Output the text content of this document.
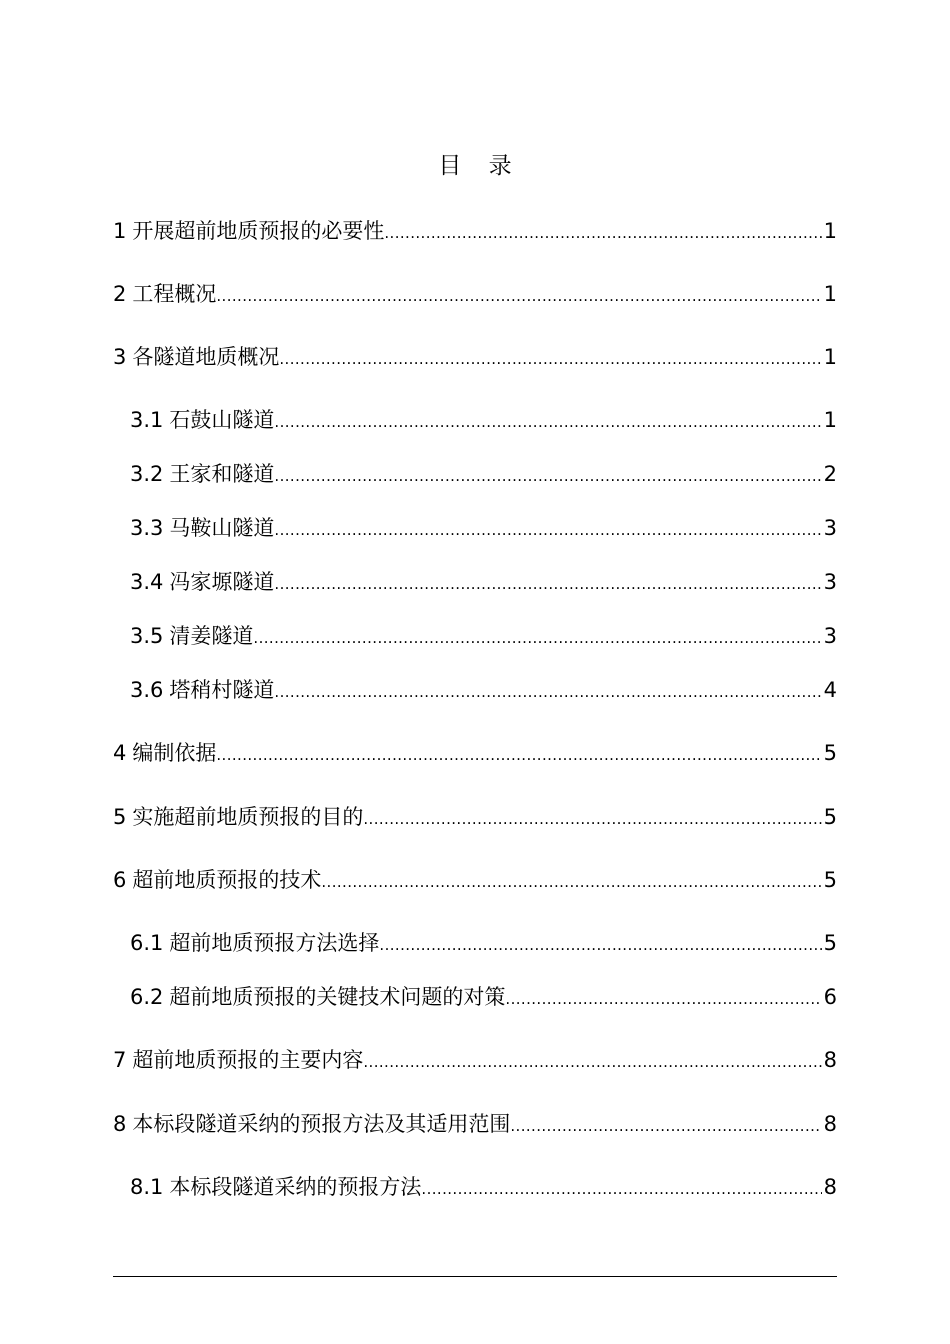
目 录
1 开展超前地质预报的必要性 .....	1
2 工程概况 .....	1
3 各隧道地质概况 .....	1
3.1 石鼓山隧道 .....	1
3.2 王家和隧道 .....	2
3.3 马鞍山隧道 .....	3
3.4 冯家塬隧道 .....	3
3.5 清姜隧道 .....	3
3.6 塔稍村隧道 .....	4
4 编制依据 .....	5
5 实施超前地质预报的目的 .....	5
6 超前地质预报的技术 .....	5
6.1 超前地质预报方法选择 .....	5
6.2 超前地质预报的关键技术问题的对策 .....	6
7 超前地质预报的主要内容 .....	8
8 本标段隧道采纳的预报方法及其适用范围 .....	8
8.1 本标段隧道采纳的预报方法 .....	8
